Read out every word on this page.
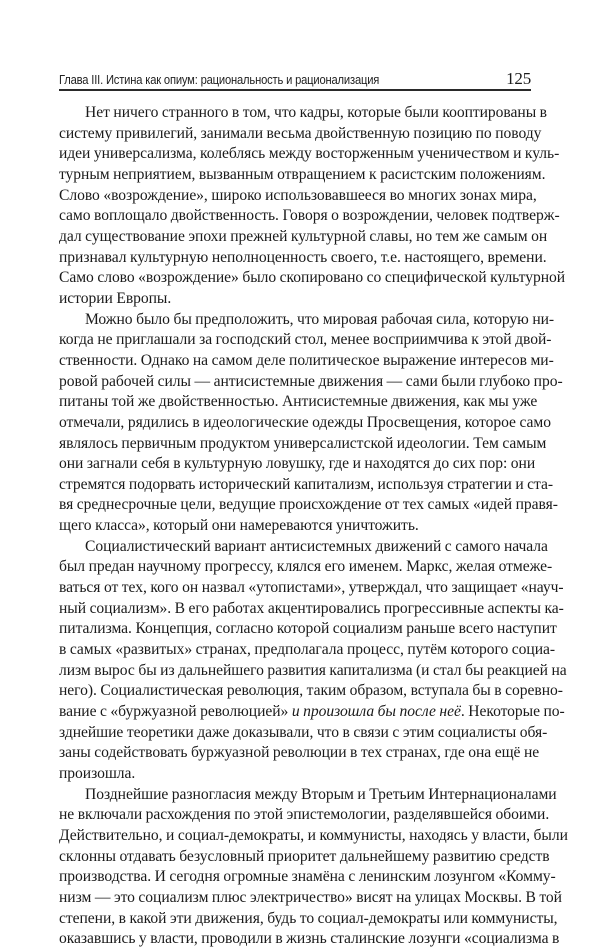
Глава III. Истина как опиум: рациональность и рационализация	125

Нет ничего странного в том, что кадры, которые были кооптированы в
систему привилегий, занимали весьма двойственную позицию по поводу
идеи универсализма, колеблясь между восторженным ученичеством и куль-
турным неприятием, вызванным отвращением к расистским положениям.
Слово «возрождение», широко использовавшееся во многих зонах мира,
само воплощало двойственность. Говоря о возрождении, человек подтверж-
дал существование эпохи прежней культурной славы, но тем же самым он
признавал культурную неполноценность своего, т.е. настоящего, времени.
Само слово «возрождение» было скопировано со специфической культурной
истории Европы.

Можно было бы предположить, что мировая рабочая сила, которую ни-
когда не приглашали за господский стол, менее восприимчива к этой двой-
ственности. Однако на самом деле политическое выражение интересов ми-
ровой рабочей силы — антисистемные движения — сами были глубоко про-
питаны той же двойственностью. Антисистемные движения, как мы уже
отмечали, рядились в идеологические одежды Просвещения, которое само
являлось первичным продуктом универсалистской идеологии. Тем самым
они загнали себя в культурную ловушку, где и находятся до сих пор: они
стремятся подорвать исторический капитализм, используя стратегии и ста-
вя среднесрочные цели, ведущие происхождение от тех самых «идей правя-
щего класса», который они намереваются уничтожить.

Социалистический вариант антисистемных движений с самого начала
был предан научному прогрессу, клялся его именем. Маркс, желая отмеже-
ваться от тех, кого он назвал «утопистами», утверждал, что защищает «науч-
ный социализм». В его работах акцентировались прогрессивные аспекты ка-
питализма. Концепция, согласно которой социализм раньше всего наступит
в самых «развитых» странах, предполагала процесс, путём которого социа-
лизм вырос бы из дальнейшего развития капитализма (и стал бы реакцией на
него). Социалистическая революция, таким образом, вступала бы в соревно-
вание с «буржуазной революцией» и произошла бы после неё. Некоторые по-
зднейшие теоретики даже доказывали, что в связи с этим социалисты обя-
заны содействовать буржуазной революции в тех странах, где она ещё не
произошла.

Позднейшие разногласия между Вторым и Третьим Интернационалами
не включали расхождения по этой эпистемологии, разделявшейся обоими.
Действительно, и социал-демократы, и коммунисты, находясь у власти, были
склонны отдавать безусловный приоритет дальнейшему развитию средств
производства. И сегодня огромные знамёна с ленинским лозунгом «Комму-
низм — это социализм плюс электричество» висят на улицах Москвы. В той
степени, в какой эти движения, будь то социал-демократы или коммунисты,
оказавшись у власти, проводили в жизнь сталинские лозунги «социализма в
